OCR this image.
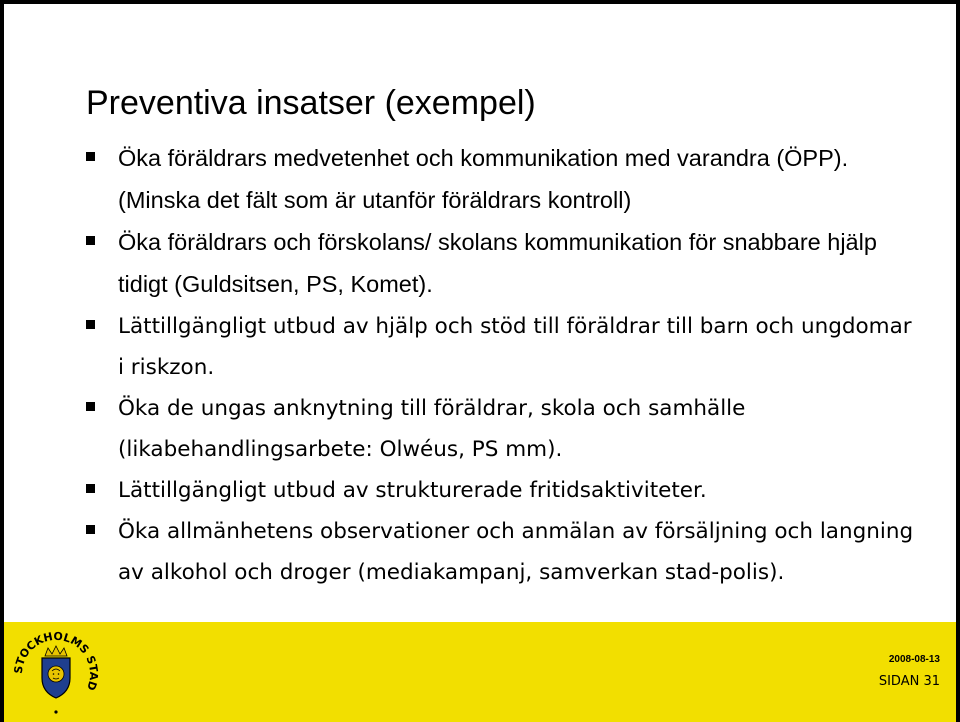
Preventiva insatser (exempel)
Öka föräldrars medvetenhet och kommunikation med varandra (ÖPP). (Minska det fält som är utanför föräldrars kontroll)
Öka föräldrars och förskolans/ skolans kommunikation för snabbare hjälp tidigt (Guldsitsen, PS, Komet).
Lättillgängligt utbud av hjälp och stöd till föräldrar till barn och ungdomar i riskzon.
Öka de ungas anknytning till föräldrar, skola och samhälle (likabehandlingsarbete: Olwéus, PS mm).
Lättillgängligt utbud av strukturerade fritidsaktiviteter.
Öka allmänhetens observationer och anmälan av försäljning och langning av alkohol och droger (mediakampanj, samverkan stad-polis).
STOCKHOLMS STAD
2008-08-13
SIDAN 31
